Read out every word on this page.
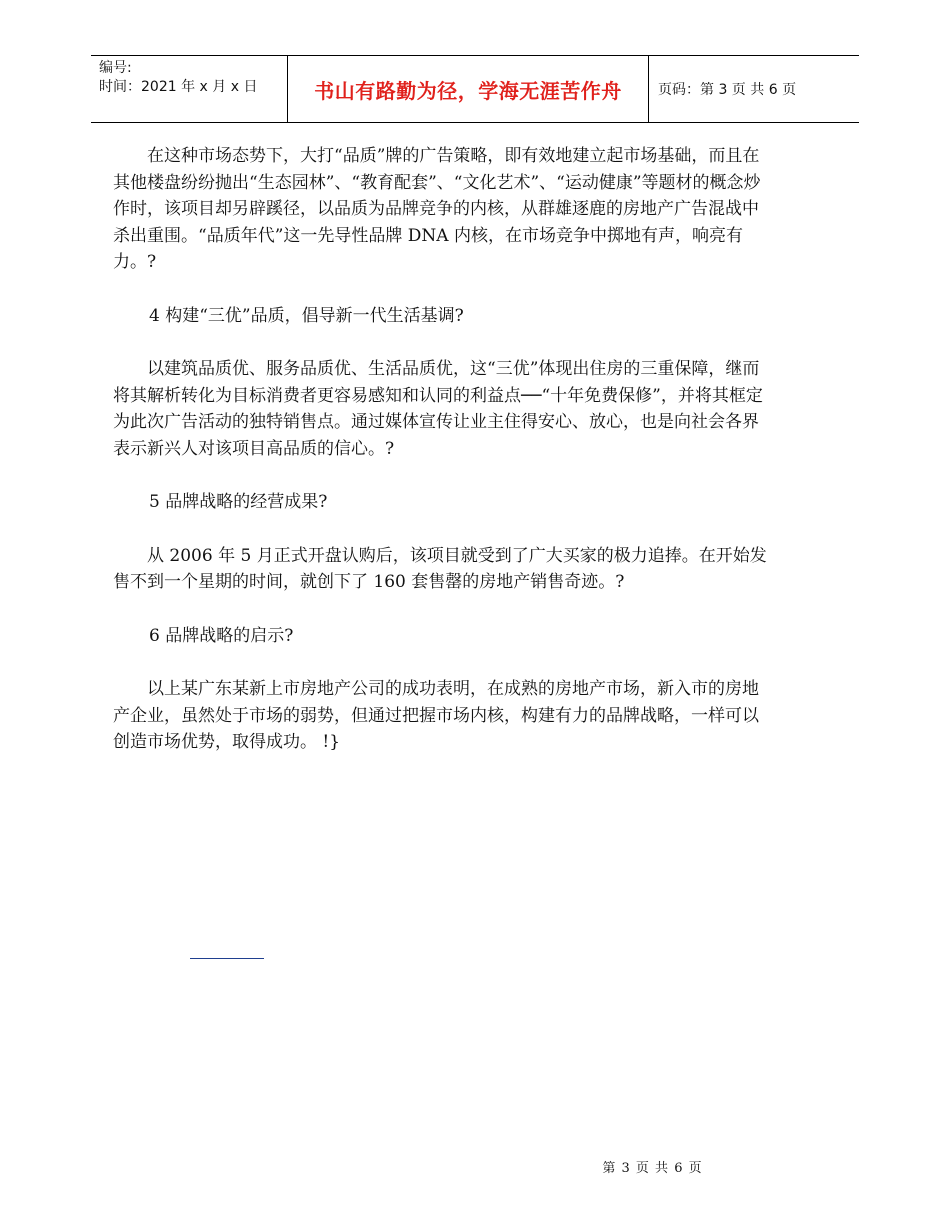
编号:
时间：2021 年 x 月 x 日	书山有路勤为径，学海无涯苦作舟	页码：第 3 页 共 6 页

在这种市场态势下，大打“品质”牌的广告策略，即有效地建立起市场基础，而且在其他楼盘纷纷抛出“生态园林”、“教育配套”、“文化艺术”、“运动健康”等题材的概念炒作时，该项目却另辟蹊径，以品质为品牌竞争的内核，从群雄逐鹿的房地产广告混战中杀出重围。“品质年代”这一先导性品牌 DNA 内核，在市场竞争中掷地有声，响亮有力。?

4 构建“三优”品质，倡导新一代生活基调?

以建筑品质优、服务品质优、生活品质优，这“三优”体现出住房的三重保障，继而将其解析转化为目标消费者更容易感知和认同的利益点──“十年免费保修”，并将其框定为此次广告活动的独特销售点。通过媒体宣传让业主住得安心、放心，也是向社会各界表示新兴人对该项目高品质的信心。?

5 品牌战略的经营成果?

从 2006 年 5 月正式开盘认购后，该项目就受到了广大买家的极力追捧。在开始发售不到一个星期的时间，就创下了 160 套售罄的房地产销售奇迹。?

6 品牌战略的启示?

以上某广东某新上市房地产公司的成功表明，在成熟的房地产市场，新入市的房地产企业，虽然处于市场的弱势，但通过把握市场内核，构建有力的品牌战略，一样可以创造市场优势，取得成功。 !}

第 3 页 共 6 页
